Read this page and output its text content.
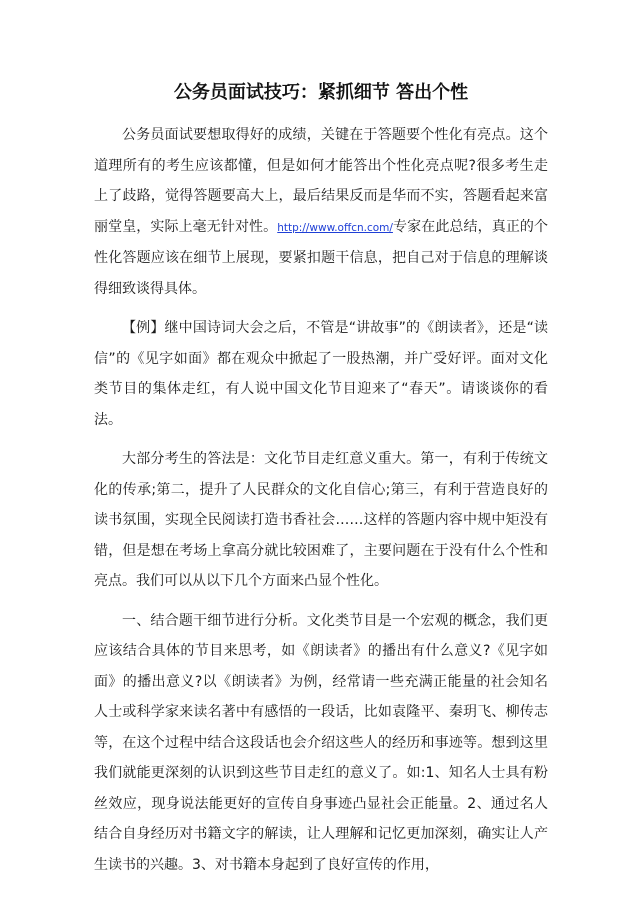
公务员面试技巧：紧抓细节 答出个性

公务员面试要想取得好的成绩，关键在于答题要个性化有亮点。这个道理所有的考生应该都懂，但是如何才能答出个性化亮点呢?很多考生走上了歧路，觉得答题要高大上，最后结果反而是华而不实，答题看起来富丽堂皇，实际上毫无针对性。http://www.offcn.com/专家在此总结，真正的个性化答题应该在细节上展现，要紧扣题干信息，把自己对于信息的理解谈得细致谈得具体。

【例】继中国诗词大会之后，不管是“讲故事”的《朗读者》，还是“读信”的《见字如面》都在观众中掀起了一股热潮，并广受好评。面对文化类节目的集体走红，有人说中国文化节目迎来了“春天”。请谈谈你的看法。

大部分考生的答法是：文化节目走红意义重大。第一，有利于传统文化的传承;第二，提升了人民群众的文化自信心;第三，有利于营造良好的读书氛围，实现全民阅读打造书香社会……这样的答题内容中规中矩没有错，但是想在考场上拿高分就比较困难了，主要问题在于没有什么个性和亮点。我们可以从以下几个方面来凸显个性化。

一、结合题干细节进行分析。文化类节目是一个宏观的概念，我们更应该结合具体的节目来思考，如《朗读者》的播出有什么意义?《见字如面》的播出意义?以《朗读者》为例，经常请一些充满正能量的社会知名人士或科学家来读名著中有感悟的一段话，比如袁隆平、秦玥飞、柳传志等，在这个过程中结合这段话也会介绍这些人的经历和事迹等。想到这里我们就能更深刻的认识到这些节目走红的意义了。如:1、知名人士具有粉丝效应，现身说法能更好的宣传自身事迹凸显社会正能量。2、通过名人结合自身经历对书籍文字的解读，让人理解和记忆更加深刻，确实让人产生读书的兴趣。3、对书籍本身起到了良好宣传的作用，
